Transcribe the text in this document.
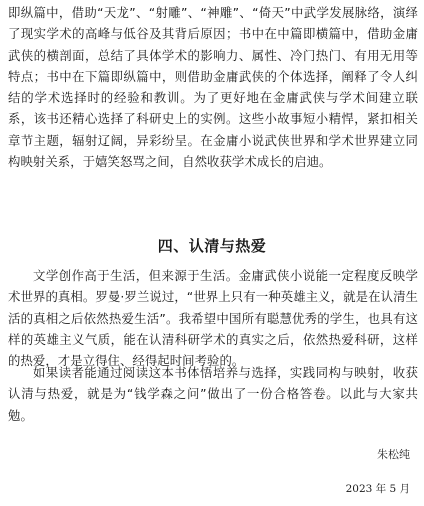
即纵篇中，借助“天龙”、“射雕”、“神雕”、“倚天”中武学发展脉络，演绎了现实学术的高峰与低谷及其背后原因；书中在中篇即横篇中，借助金庸武侠的横剖面，总结了具体学术的影响力、属性、冷门热门、有用无用等特点；书中在下篇即纵篇中，则借助金庸武侠的个体选择，阐释了令人纠结的学术选择时的经验和教训。为了更好地在金庸武侠与学术间建立联系，该书还精心选择了科研史上的实例。这些小故事短小精悍，紧扣相关章节主题，辐射辽阔，异彩纷呈。在金庸小说武侠世界和学术世界建立同构映射关系，于嬉笑怒骂之间，自然收获学术成长的启迪。

四、认清与热爱

文学创作高于生活，但来源于生活。金庸武侠小说能一定程度反映学术世界的真相。罗曼·罗兰说过，“世界上只有一种英雄主义，就是在认清生活的真相之后依然热爱生活”。我希望中国所有聪慧优秀的学生，也具有这样的英雄主义气质，能在认清科研学术的真实之后，依然热爱科研，这样的热爱，才是立得住、经得起时间考验的。

如果读者能通过阅读这本书体悟培养与选择，实践同构与映射，收获认清与热爱，就是为“钱学森之问”做出了一份合格答卷。以此与大家共勉。

朱松纯

2023 年 5 月
